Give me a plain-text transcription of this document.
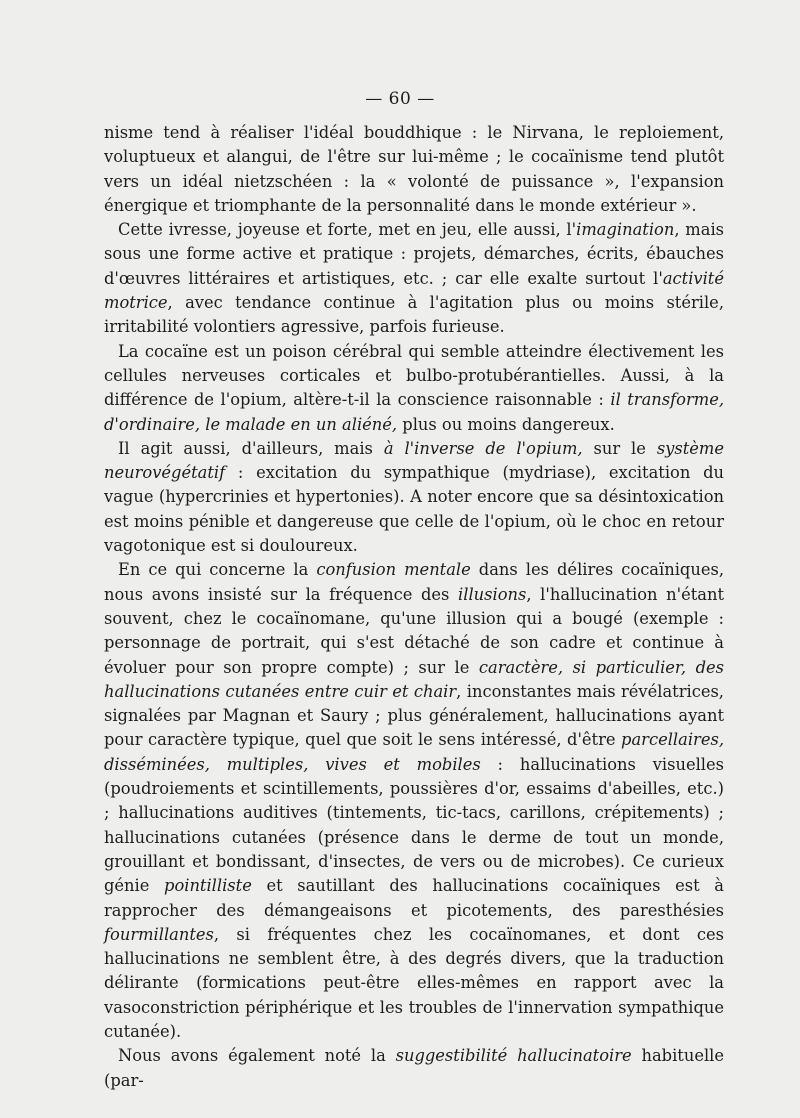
— 60 —

nisme tend à réaliser l'idéal bouddhique : le Nirvana, le reploiement, voluptueux et alangui, de l'être sur lui-même ; le cocaïnisme tend plutôt vers un idéal nietzschéen : la « volonté de puissance », l'expansion énergique et triomphante de la personnalité dans le monde extérieur ».

Cette ivresse, joyeuse et forte, met en jeu, elle aussi, l'imagination, mais sous une forme active et pratique : projets, démarches, écrits, ébauches d'œuvres littéraires et artistiques, etc. ; car elle exalte surtout l'activité motrice, avec tendance continue à l'agitation plus ou moins stérile, irritabilité volontiers agressive, parfois furieuse.

La cocaïne est un poison cérébral qui semble atteindre électivement les cellules nerveuses corticales et bulbo-protubérantielles. Aussi, à la différence de l'opium, altère-t-il la conscience raisonnable : il transforme, d'ordinaire, le malade en un aliéné, plus ou moins dangereux.

Il agit aussi, d'ailleurs, mais à l'inverse de l'opium, sur le système neurovégétatif : excitation du sympathique (mydriase), excitation du vague (hypercrinies et hypertonies). A noter encore que sa désintoxication est moins pénible et dangereuse que celle de l'opium, où le choc en retour vagotonique est si douloureux.

En ce qui concerne la confusion mentale dans les délires cocaïniques, nous avons insisté sur la fréquence des illusions, l'hallucination n'étant souvent, chez le cocaïnomane, qu'une illusion qui a bougé (exemple : personnage de portrait, qui s'est détaché de son cadre et continue à évoluer pour son propre compte) ; sur le caractère, si particulier, des hallucinations cutanées entre cuir et chair, inconstantes mais révélatrices, signalées par Magnan et Saury ; plus généralement, hallucinations ayant pour caractère typique, quel que soit le sens intéressé, d'être parcellaires, disséminées, multiples, vives et mobiles : hallucinations visuelles (poudroiements et scintillements, poussières d'or, essaims d'abeilles, etc.) ; hallucinations auditives (tintements, tic-tacs, carillons, crépitements) ; hallucinations cutanées (présence dans le derme de tout un monde, grouillant et bondissant, d'insectes, de vers ou de microbes). Ce curieux génie pointilliste et sautillant des hallucinations cocaïniques est à rapprocher des démangeaisons et picotements, des paresthésies fourmillantes, si fréquentes chez les cocaïnomanes, et dont ces hallucinations ne semblent être, à des degrés divers, que la traduction délirante (formications peut-être elles-mêmes en rapport avec la vasoconstriction périphérique et les troubles de l'innervation sympathique cutanée).

Nous avons également noté la suggestibilité hallucinatoire habituelle (par-
